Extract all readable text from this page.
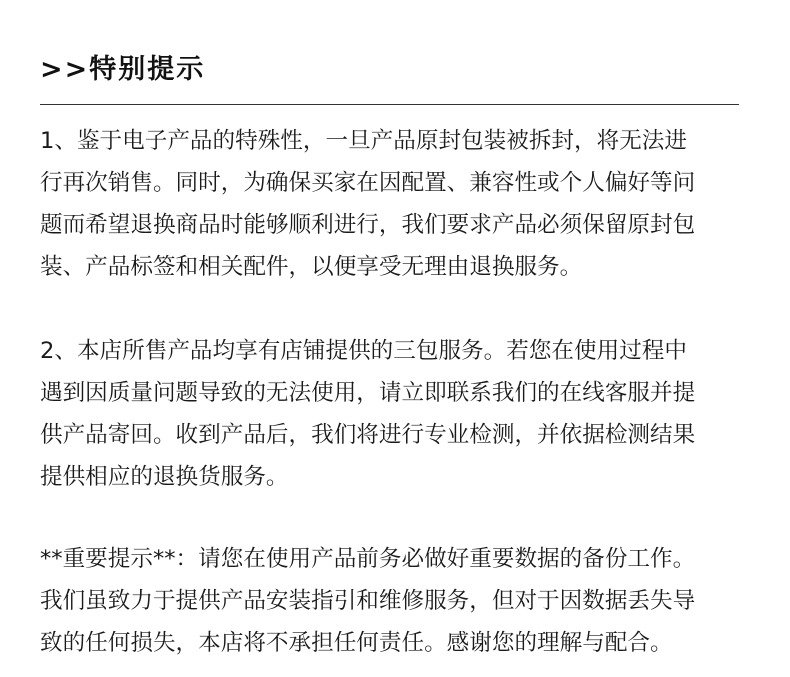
>>特别提示

1、鉴于电子产品的特殊性，一旦产品原封包装被拆封，将无法进
行再次销售。同时，为确保买家在因配置、兼容性或个人偏好等问
题而希望退换商品时能够顺利进行，我们要求产品必须保留原封包
装、产品标签和相关配件，以便享受无理由退换服务。

2、本店所售产品均享有店铺提供的三包服务。若您在使用过程中
遇到因质量问题导致的无法使用，请立即联系我们的在线客服并提
供产品寄回。收到产品后，我们将进行专业检测，并依据检测结果
提供相应的退换货服务。

**重要提示**：请您在使用产品前务必做好重要数据的备份工作。
我们虽致力于提供产品安装指引和维修服务，但对于因数据丢失导
致的任何损失，本店将不承担任何责任。感谢您的理解与配合。
